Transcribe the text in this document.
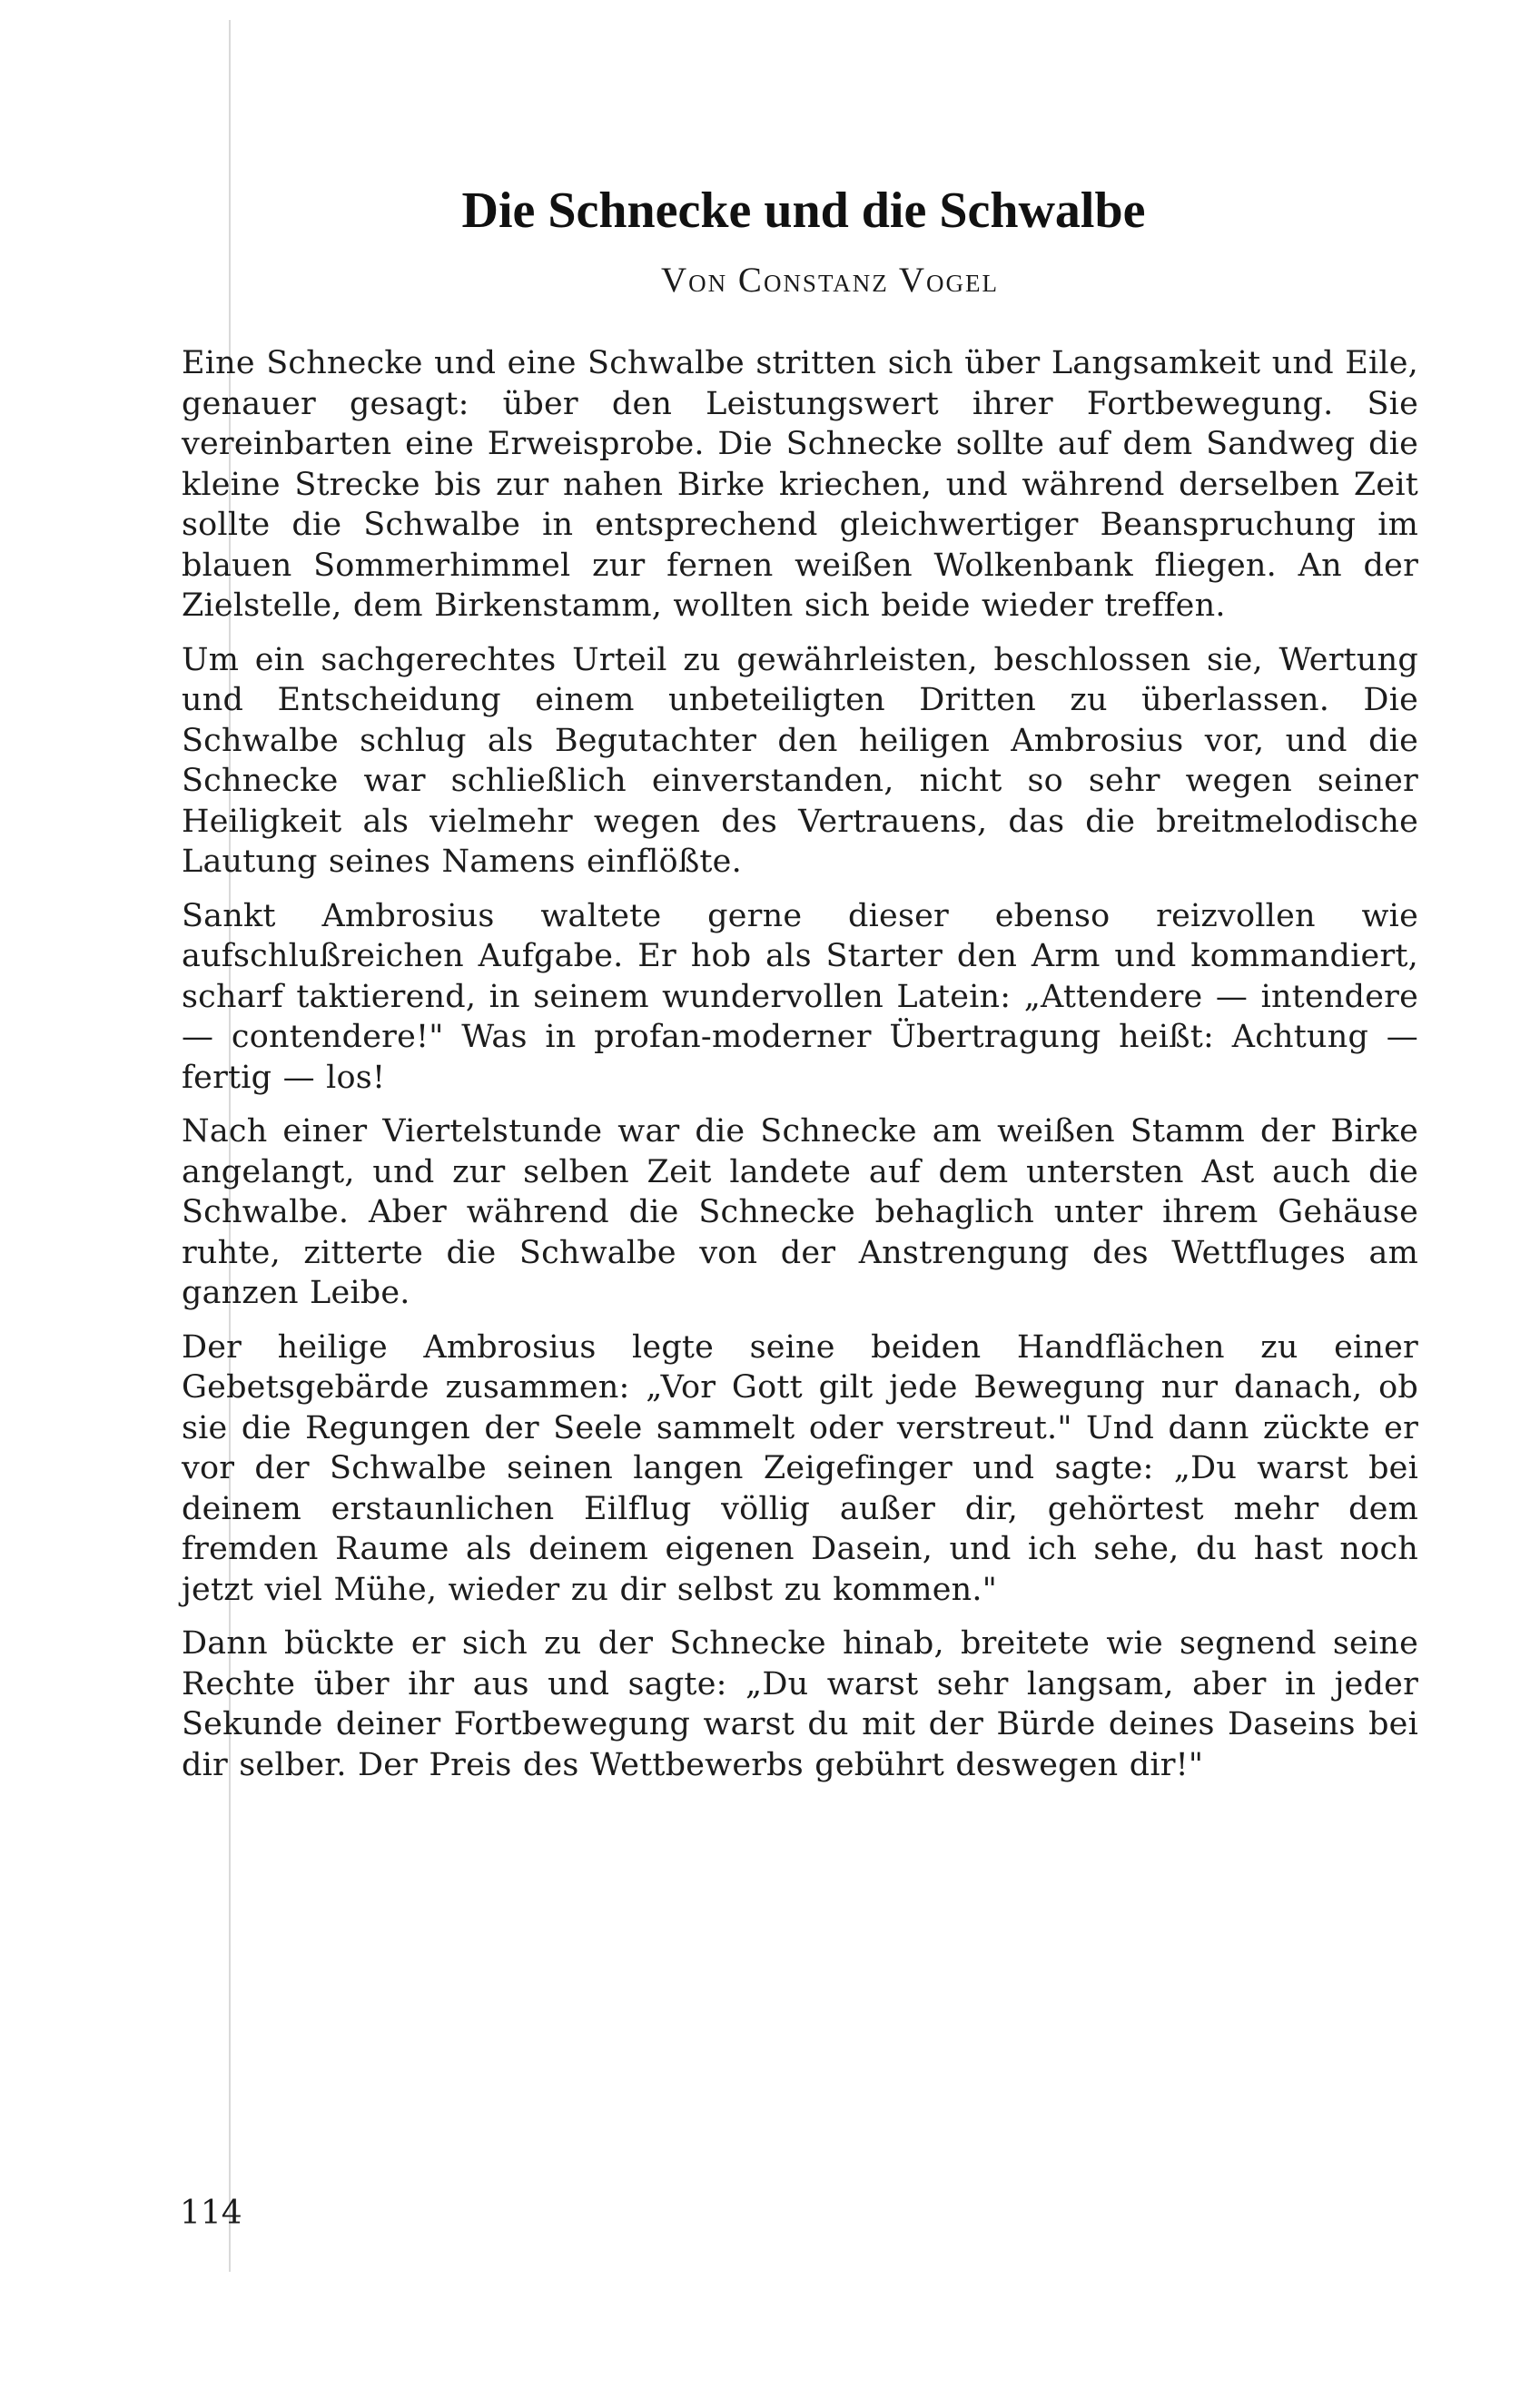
Die Schnecke und die Schwalbe

Von Constanz Vogel

Eine Schnecke und eine Schwalbe stritten sich über Langsamkeit und Eile, genauer gesagt: über den Leistungswert ihrer Fortbewegung. Sie vereinbarten eine Erweisprobe. Die Schnecke sollte auf dem Sandweg die kleine Strecke bis zur nahen Birke kriechen, und während derselben Zeit sollte die Schwalbe in entsprechend gleichwertiger Beanspruchung im blauen Sommerhimmel zur fernen weißen Wolkenbank fliegen. An der Zielstelle, dem Birkenstamm, wollten sich beide wieder treffen.

Um ein sachgerechtes Urteil zu gewährleisten, beschlossen sie, Wertung und Entscheidung einem unbeteiligten Dritten zu überlassen. Die Schwalbe schlug als Begutachter den heiligen Ambrosius vor, und die Schnecke war schließlich einverstanden, nicht so sehr wegen seiner Heiligkeit als vielmehr wegen des Vertrauens, das die breitmelodische Lautung seines Namens einflößte.

Sankt Ambrosius waltete gerne dieser ebenso reizvollen wie aufschlußreichen Aufgabe. Er hob als Starter den Arm und kommandiert, scharf taktierend, in seinem wundervollen Latein: „Attendere — intendere — contendere!" Was in profan-moderner Übertragung heißt: Achtung — fertig — los!

Nach einer Viertelstunde war die Schnecke am weißen Stamm der Birke angelangt, und zur selben Zeit landete auf dem untersten Ast auch die Schwalbe. Aber während die Schnecke behaglich unter ihrem Gehäuse ruhte, zitterte die Schwalbe von der Anstrengung des Wettfluges am ganzen Leibe.

Der heilige Ambrosius legte seine beiden Handflächen zu einer Gebetsgebärde zusammen: „Vor Gott gilt jede Bewegung nur danach, ob sie die Regungen der Seele sammelt oder verstreut." Und dann zückte er vor der Schwalbe seinen langen Zeigefinger und sagte: „Du warst bei deinem erstaunlichen Eilflug völlig außer dir, gehörtest mehr dem fremden Raume als deinem eigenen Dasein, und ich sehe, du hast noch jetzt viel Mühe, wieder zu dir selbst zu kommen."

Dann bückte er sich zu der Schnecke hinab, breitete wie segnend seine Rechte über ihr aus und sagte: „Du warst sehr langsam, aber in jeder Sekunde deiner Fortbewegung warst du mit der Bürde deines Daseins bei dir selber. Der Preis des Wettbewerbs gebührt deswegen dir!"

114
